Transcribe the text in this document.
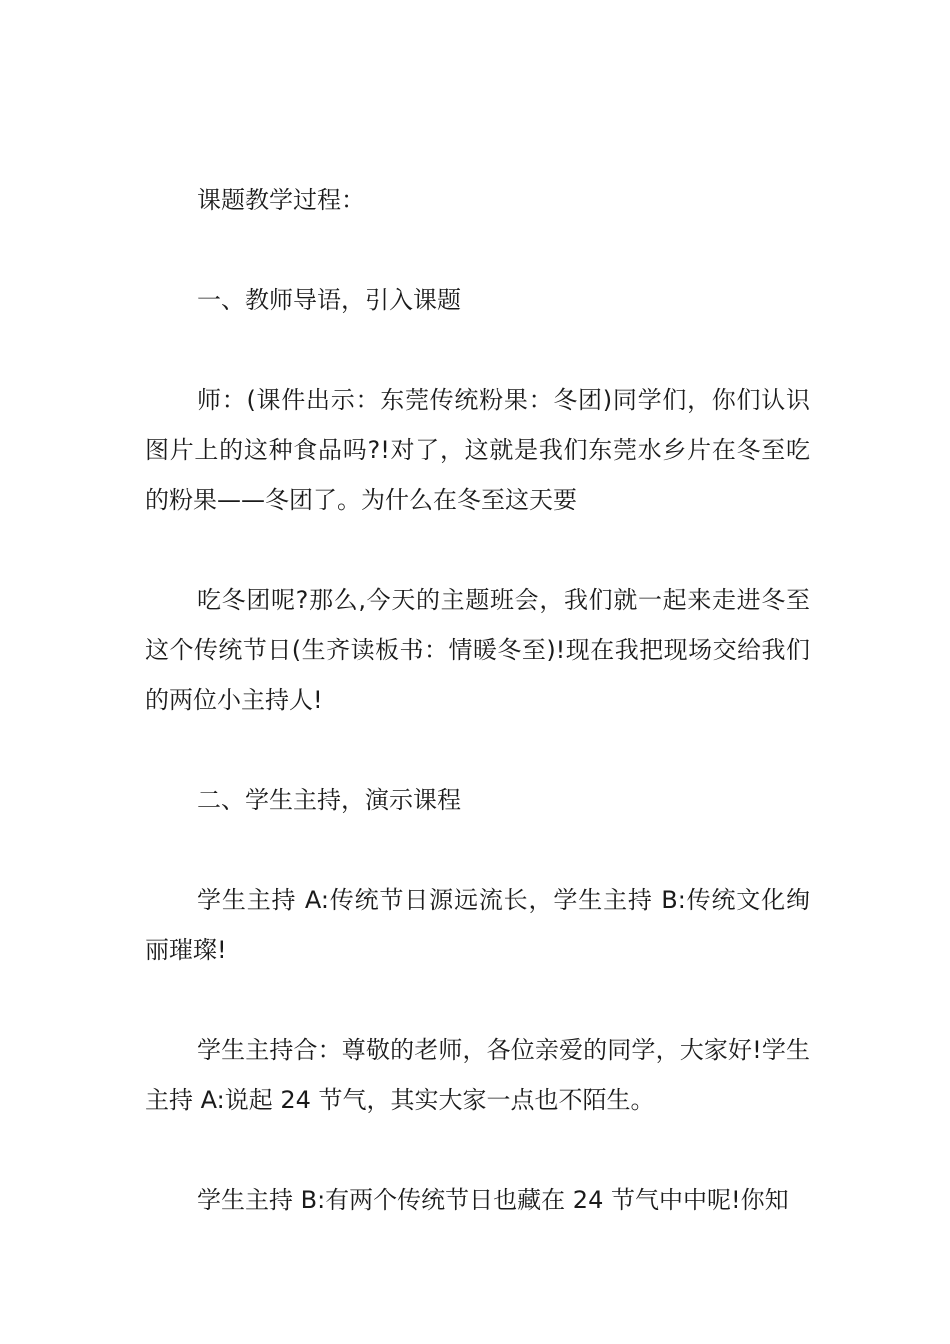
课题教学过程：

一、教师导语，引入课题

师：(课件出示：东莞传统粉果：冬团)同学们，你们认识图片上的这种食品吗?!对了，这就是我们东莞水乡片在冬至吃的粉果——冬团了。为什么在冬至这天要

吃冬团呢?那么,今天的主题班会，我们就一起来走进冬至这个传统节日(生齐读板书：情暖冬至)!现在我把现场交给我们的两位小主持人!

二、学生主持，演示课程

学生主持 A:传统节日源远流长，学生主持 B:传统文化绚丽璀璨!

学生主持合：尊敬的老师，各位亲爱的同学，大家好!学生主持 A:说起 24 节气，其实大家一点也不陌生。

学生主持 B:有两个传统节日也藏在 24 节气中中呢!你知
